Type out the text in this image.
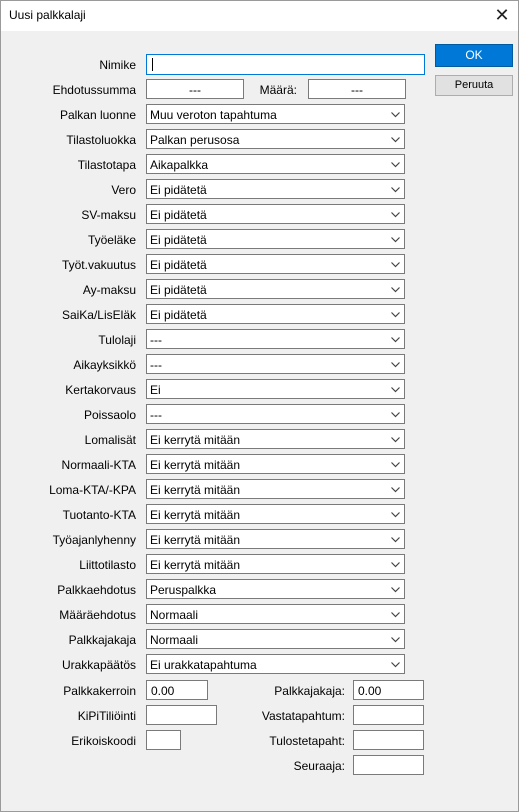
Uusi palkkalaji	✕
Nimike
Ehdotussumma	---	Määrä:	---
Palkan luonne Muu veroton tapahtuma
Tilastoluokka Palkan perusosa
Tilastotapa Aikapalkka
Vero Ei pidätetä
SV-maksu Ei pidätetä
Työeläke Ei pidätetä
Työt.vakuutus Ei pidätetä
Ay-maksu Ei pidätetä
SaiKa/LisEläk Ei pidätetä
Tulolaji ---
Aikayksikkö ---
Kertakorvaus Ei
Poissaolo ---
Lomalisät Ei kerrytä mitään
Normaali-KTA Ei kerrytä mitään
Loma-KTA/-KPA Ei kerrytä mitään
Tuotanto-KTA Ei kerrytä mitään
Työajanlyhenny Ei kerrytä mitään
Liittotilasto Ei kerrytä mitään
Palkkaehdotus Peruspalkka
Määräehdotus Normaali
Palkkajakaja Normaali
Urakkapäätös Ei urakkatapahtuma
Palkkakerroin 0.00	Palkkajakaja: 0.00
KiPiTiliöinti	Vastatapahtum:
Erikoiskoodi	Tulostetapaht:
Seuraaja:
OK
Peruuta
